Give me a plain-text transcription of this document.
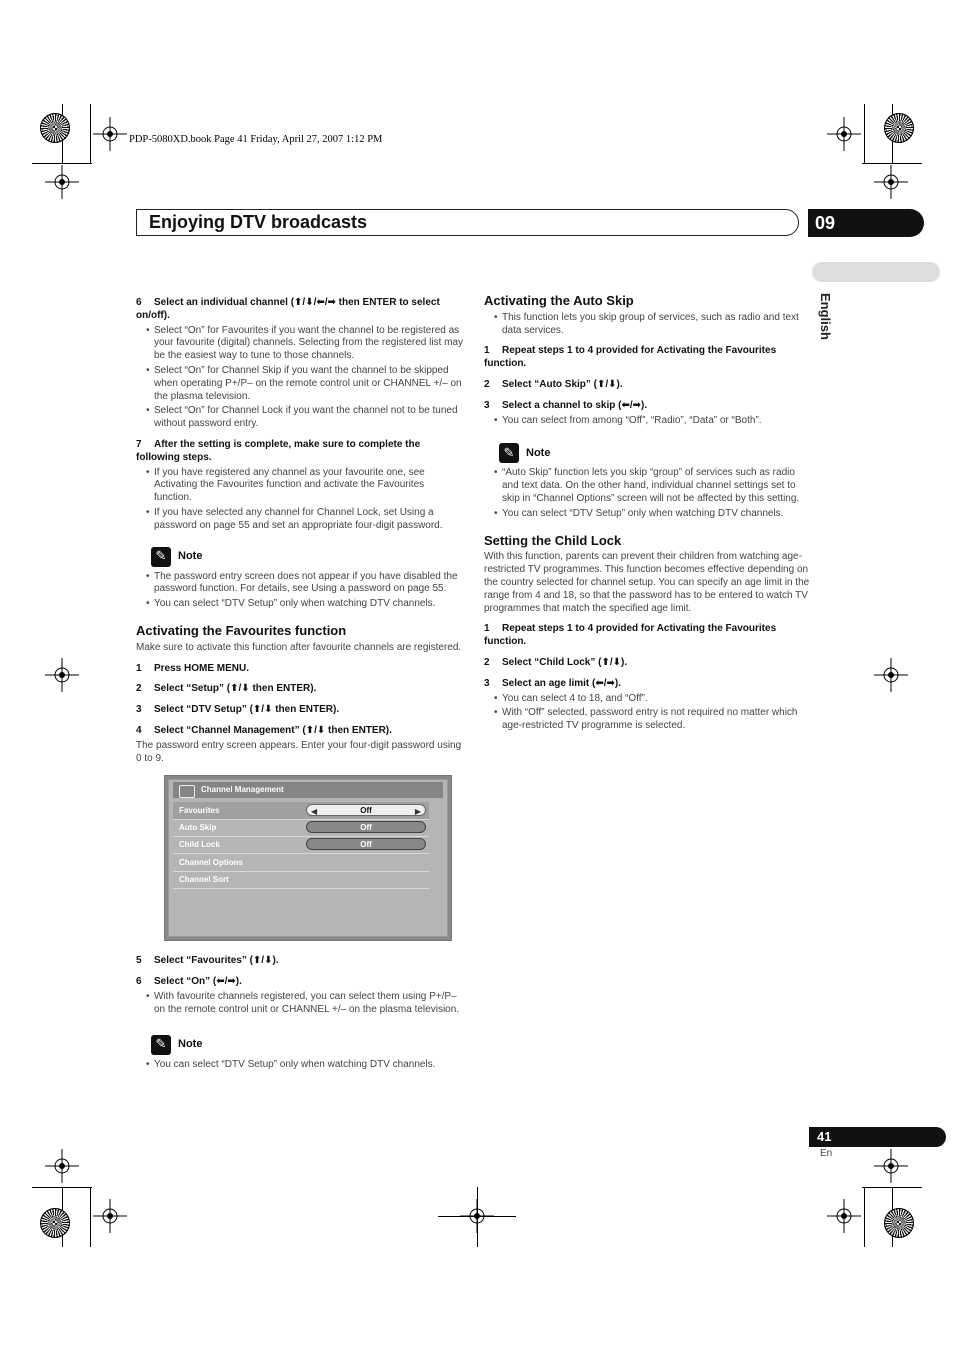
PDP-5080XD.book Page 41 Friday, April 27, 2007 1:12 PM
Enjoying DTV broadcasts	09
English
6 Select an individual channel (⬆/⬇/⬅/➡ then ENTER to select on/off).
• Select “On” for Favourites if you want the channel to be registered as your favourite (digital) channels. Selecting from the registered list may be the easiest way to tune to those channels.
• Select “On” for Channel Skip if you want the channel to be skipped when operating P+/P– on the remote control unit or CHANNEL +/– on the plasma television.
• Select “On” for Channel Lock if you want the channel not to be tuned without password entry.
7 After the setting is complete, make sure to complete the following steps.
• If you have registered any channel as your favourite one, see Activating the Favourites function and activate the Favourites function.
• If you have selected any channel for Channel Lock, set Using a password on page 55 and set an appropriate four-digit password.
✎	Note
• The password entry screen does not appear if you have disabled the password function. For details, see Using a password on page 55.
• You can select “DTV Setup” only when watching DTV channels.
Activating the Favourites function
Make sure to activate this function after favourite channels are registered.
1 Press HOME MENU.
2 Select “Setup” (⬆/⬇ then ENTER).
3 Select “DTV Setup” (⬆/⬇ then ENTER).
4 Select “Channel Management” (⬆/⬇ then ENTER).
The password entry screen appears. Enter your four-digit password using 0 to 9.
Channel Management
Favourites	◀	Off	▶
Auto Skip	Off
Child Lock	Off
Channel Options
Channel Sort
5 Select “Favourites” (⬆/⬇).
6 Select “On” (⬅/➡).
• With favourite channels registered, you can select them using P+/P– on the remote control unit or CHANNEL +/– on the plasma television.
✎	Note
• You can select “DTV Setup” only when watching DTV channels.
Activating the Auto Skip
• This function lets you skip group of services, such as radio and text data services.
1 Repeat steps 1 to 4 provided for Activating the Favourites function.
2 Select “Auto Skip” (⬆/⬇).
3 Select a channel to skip (⬅/➡).
• You can select from among “Off”, “Radio”, “Data” or “Both”.
✎	Note
• “Auto Skip” function lets you skip “group” of services such as radio and text data. On the other hand, individual channel settings set to skip in “Channel Options” screen will not be affected by this setting.
• You can select “DTV Setup” only when watching DTV channels.
Setting the Child Lock
With this function, parents can prevent their children from watching age-restricted TV programmes. This function becomes effective depending on the country selected for channel setup. You can specify an age limit in the range from 4 and 18, so that the password has to be entered to watch TV programmes that match the specified age limit.
1 Repeat steps 1 to 4 provided for Activating the Favourites function.
2 Select “Child Lock” (⬆/⬇).
3 Select an age limit (⬅/➡).
• You can select 4 to 18, and “Off”.
• With “Off” selected, password entry is not required no matter which age-restricted TV programme is selected.
41
En
